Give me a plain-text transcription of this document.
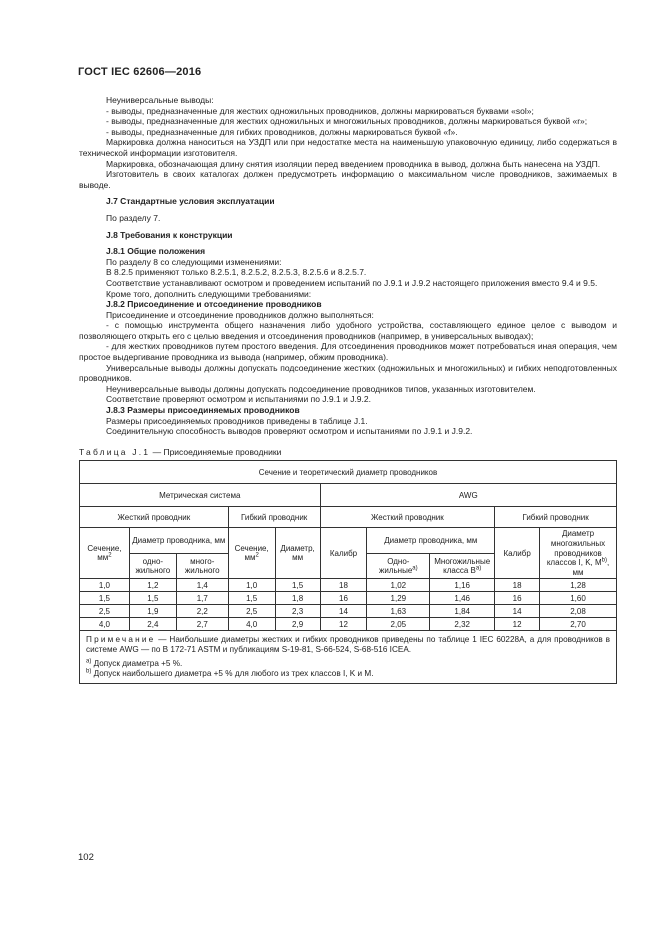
ГОСТ IEC 62606—2016

Неуниверсальные выводы:

- выводы, предназначенные для жестких одножильных проводников, должны маркироваться буквами «sol»;

- выводы, предназначенные для жестких одножильных и многожильных проводников, должны маркироваться буквой «r»;

- выводы, предназначенные для гибких проводников, должны маркироваться буквой «f».

Маркировка должна наноситься на УЗДП или при недостатке места на наименьшую упаковочную единицу, либо содержаться в технической информации изготовителя.

Маркировка, обозначающая длину снятия изоляции перед введением проводника в вывод, должна быть нанесена на УЗДП.

Изготовитель в своих каталогах должен предусмотреть информацию о максимальном числе проводников, зажимаемых в выводе.

J.7 Стандартные условия эксплуатации

По разделу 7.

J.8 Требования к конструкции

J.8.1 Общие положения

По разделу 8 со следующими изменениями:

В 8.2.5 применяют только 8.2.5.1, 8.2.5.2, 8.2.5.3, 8.2.5.6 и 8.2.5.7.

Соответствие устанавливают осмотром и проведением испытаний по J.9.1 и J.9.2 настоящего приложения вместо 9.4 и 9.5.

Кроме того, дополнить следующими требованиями:

J.8.2 Присоединение и отсоединение проводников

Присоединение и отсоединение проводников должно выполняться:

- с помощью инструмента общего назначения либо удобного устройства, составляющего единое целое с выводом и позволяющего открыть его с целью введения и отсоединения проводников (например, в универсальных выводах);

- для жестких проводников путем простого введения. Для отсоединения проводников может потребоваться иная операция, чем простое выдергивание проводника из вывода (например, обжим проводника).

Универсальные выводы должны допускать подсоединение жестких (одножильных и многожильных) и гибких неподготовленных проводников.

Неуниверсальные выводы должны допускать подсоединение проводников типов, указанных изготовителем.

Соответствие проверяют осмотром и испытаниями по J.9.1 и J.9.2.

J.8.3 Размеры присоединяемых проводников

Размеры присоединяемых проводников приведены в таблице J.1.

Соединительную способность выводов проверяют осмотром и испытаниями по J.9.1 и J.9.2.

Таблица J.1 — Присоединяемые проводники

Сечение и теоретический диаметр проводников									
Метрическая система					AWG				
Жесткий проводник			Гибкий проводник		Жесткий проводник			Гибкий проводник	
Сечение, $мм^2$	Диаметр проводника, мм		Сечение, $мм^2$	Диаметр, мм	Калибр	Диаметр проводника, мм		Калибр	Диаметр многожильных проводников классов I, K, $M^{b)}$, мм
	одно-жильного	много-жильного				Одно-жильные$^{а)}$	Многожильные класса $B^{а)}$
1,0	1,2	1,4	1,0	1,5	18	1,02	1,16	18	1,28
1,5	1,5	1,7	1,5	1,8	16	1,29	1,46	16	1,60
2,5	1,9	2,2	2,5	2,3	14	1,63	1,84	14	2,08
4,0	2,4	2,7	4,0	2,9	12	2,05	2,32	12	2,70

Примечание — Наибольшие диаметры жестких и гибких проводников приведены по таблице 1 IEC 60228A, а для проводников в системе AWG — по B 172-71 ASTM и публикациям S-19-81, S-66-524, S-68-516 ICEA.

$^{а)}$ Допуск диаметра +5 %.

$^{b)}$ Допуск наибольшего диаметра +5 % для любого из трех классов I, K и M.									

102
